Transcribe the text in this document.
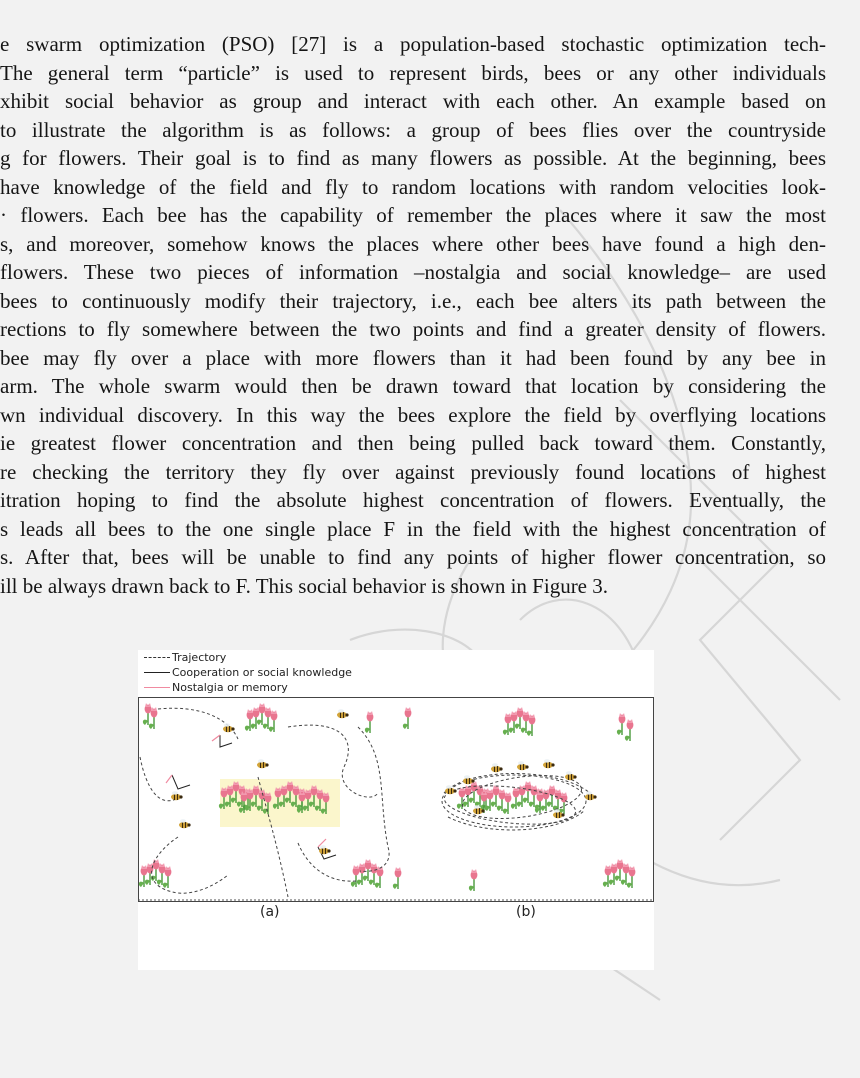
e swarm optimization (PSO) [27] is a population-based stochastic optimization tech-
The general term “particle” is used to represent birds, bees or any other individuals
xhibit social behavior as group and interact with each other. An example based on
to illustrate the algorithm is as follows: a group of bees flies over the countryside
g for flowers. Their goal is to find as many flowers as possible. At the beginning, bees
have knowledge of the field and fly to random locations with random velocities look-
· flowers. Each bee has the capability of remember the places where it saw the most
s, and moreover, somehow knows the places where other bees have found a high den-
flowers. These two pieces of information –nostalgia and social knowledge– are used
bees to continuously modify their trajectory, i.e., each bee alters its path between the
rections to fly somewhere between the two points and find a greater density of flowers.
bee may fly over a place with more flowers than it had been found by any bee in
arm. The whole swarm would then be drawn toward that location by considering the
wn individual discovery. In this way the bees explore the field by overflying locations
ie greatest flower concentration and then being pulled back toward them. Constantly,
re checking the territory they fly over against previously found locations of highest
itration hoping to find the absolute highest concentration of flowers. Eventually, the
s leads all bees to the one single place F in the field with the highest concentration of
s. After that, bees will be unable to find any points of higher flower concentration, so
ill be always drawn back to F. This social behavior is shown in Figure 3.
Trajectory
Cooperation or social knowledge
Nostalgia or memory
(a)	(b)
